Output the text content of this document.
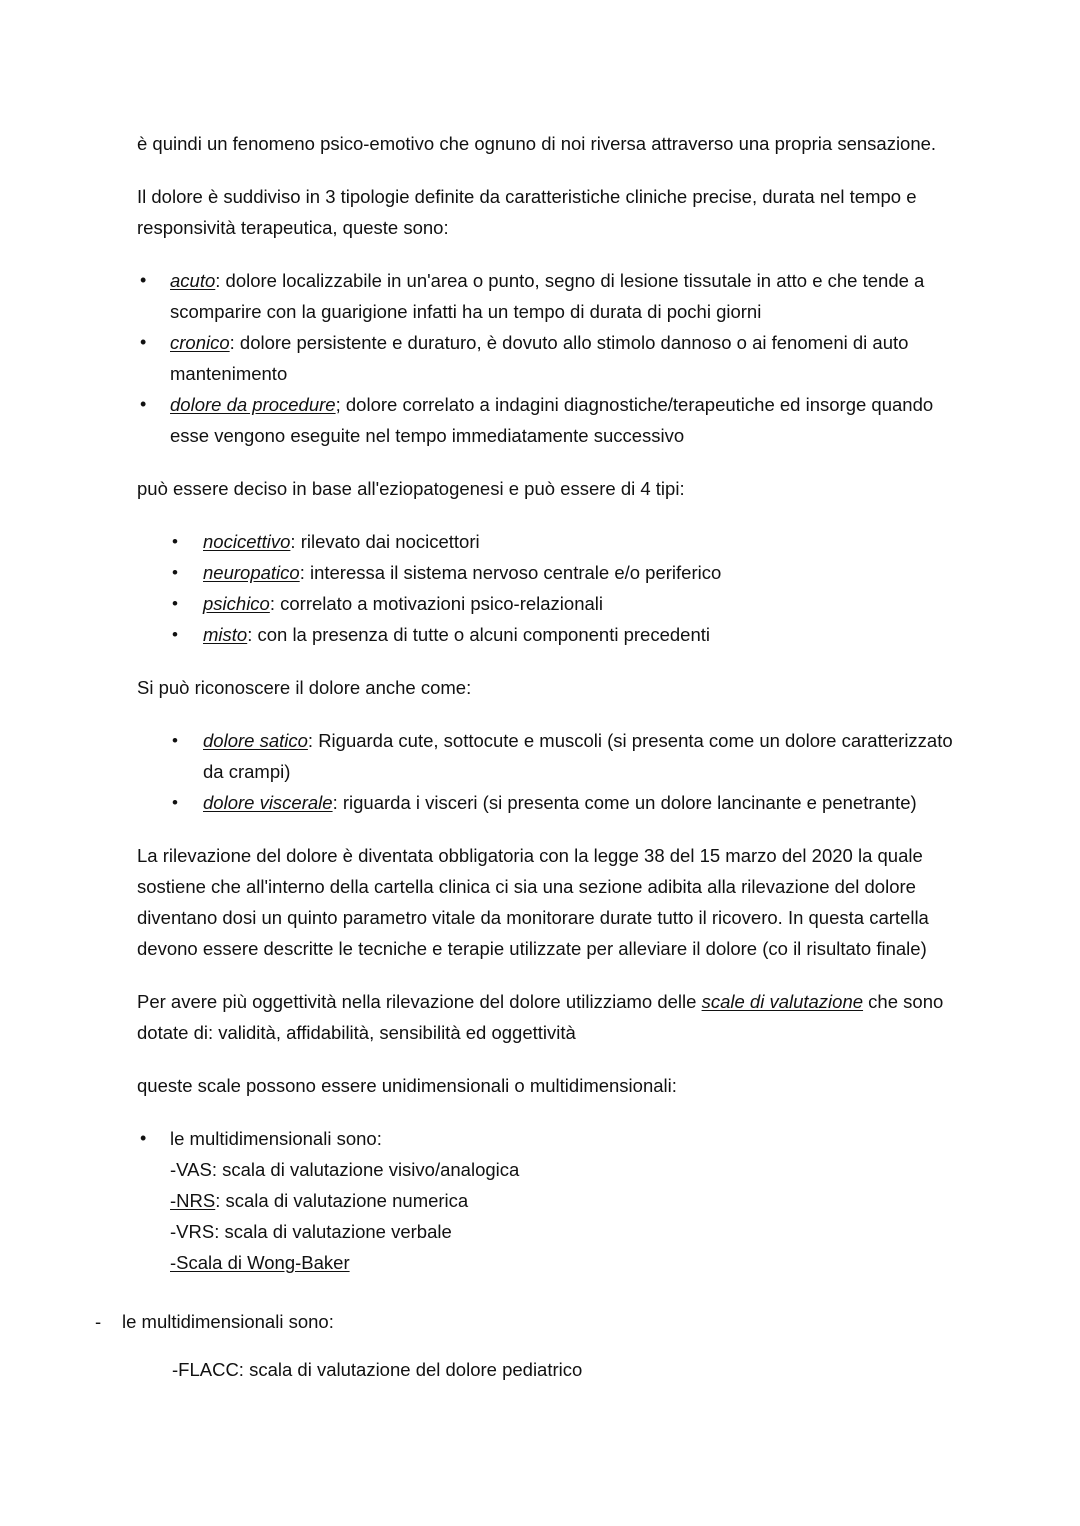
è quindi un fenomeno psico-emotivo che ognuno di noi riversa attraverso una propria sensazione.

Il dolore è suddiviso in 3 tipologie definite da caratteristiche cliniche precise, durata nel tempo e responsività terapeutica, queste sono:

• acuto: dolore localizzabile in un'area o punto, segno di lesione tissutale in atto e che tende a scomparire con la guarigione infatti ha un tempo di durata di pochi giorni
• cronico: dolore persistente e duraturo, è dovuto allo stimolo dannoso o ai fenomeni di auto mantenimento
• dolore da procedure; dolore correlato a indagini diagnostiche/terapeutiche ed insorge quando esse vengono eseguite nel tempo immediatamente successivo

può essere deciso in base all'eziopatogenesi e può essere di 4 tipi:

• nocicettivo: rilevato dai nocicettori
• neuropatico: interessa il sistema nervoso centrale e/o periferico
• psichico: correlato a motivazioni psico-relazionali
• misto: con la presenza di tutte o alcuni componenti precedenti

Si può riconoscere il dolore anche come:

• dolore satico: Riguarda cute, sottocute e muscoli (si presenta come un dolore caratterizzato da crampi)
• dolore viscerale: riguarda i visceri (si presenta come un dolore lancinante e penetrante)

La rilevazione del dolore è diventata obbligatoria con la legge 38 del 15 marzo del 2020 la quale sostiene che all'interno della cartella clinica ci sia una sezione adibita alla rilevazione del dolore diventano dosi un quinto parametro vitale da monitorare durate tutto il ricovero. In questa cartella devono essere descritte le tecniche e terapie utilizzate per alleviare il dolore (co il risultato finale)

Per avere più oggettività nella rilevazione del dolore utilizziamo delle scale di valutazione che sono dotate di: validità, affidabilità, sensibilità ed oggettività

queste scale possono essere unidimensionali o multidimensionali:

• le multidimensionali sono:
-VAS: scala di valutazione visivo/analogica
-NRS: scala di valutazione numerica
-VRS: scala di valutazione verbale
-Scala di Wong-Baker
- le multidimensionali sono:
-FLACC: scala di valutazione del dolore pediatrico
